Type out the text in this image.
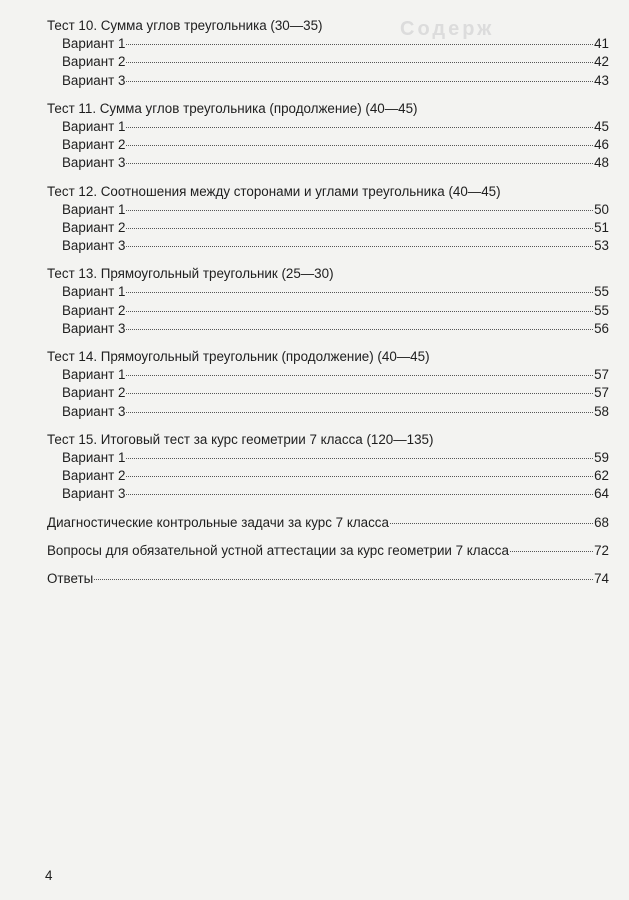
Содерж
Тест 10. Сумма углов треугольника (30—35)
Вариант 1	41
Вариант 2	42
Вариант 3	43
Тест 11. Сумма углов треугольника (продолжение) (40—45)
Вариант 1	45
Вариант 2	46
Вариант 3	48
Тест 12. Соотношения между сторонами и углами треугольника (40—45)
Вариант 1	50
Вариант 2	51
Вариант 3	53
Тест 13. Прямоугольный треугольник (25—30)
Вариант 1	55
Вариант 2	55
Вариант 3	56
Тест 14. Прямоугольный треугольник (продолжение) (40—45)
Вариант 1	57
Вариант 2	57
Вариант 3	58
Тест 15. Итоговый тест за курс геометрии 7 класса (120—135)
Вариант 1	59
Вариант 2	62
Вариант 3	64
Диагностические контрольные задачи за курс 7 класса	68
Вопросы для обязательной устной аттестации за курс геометрии 7 класса	72
Ответы	74
4
